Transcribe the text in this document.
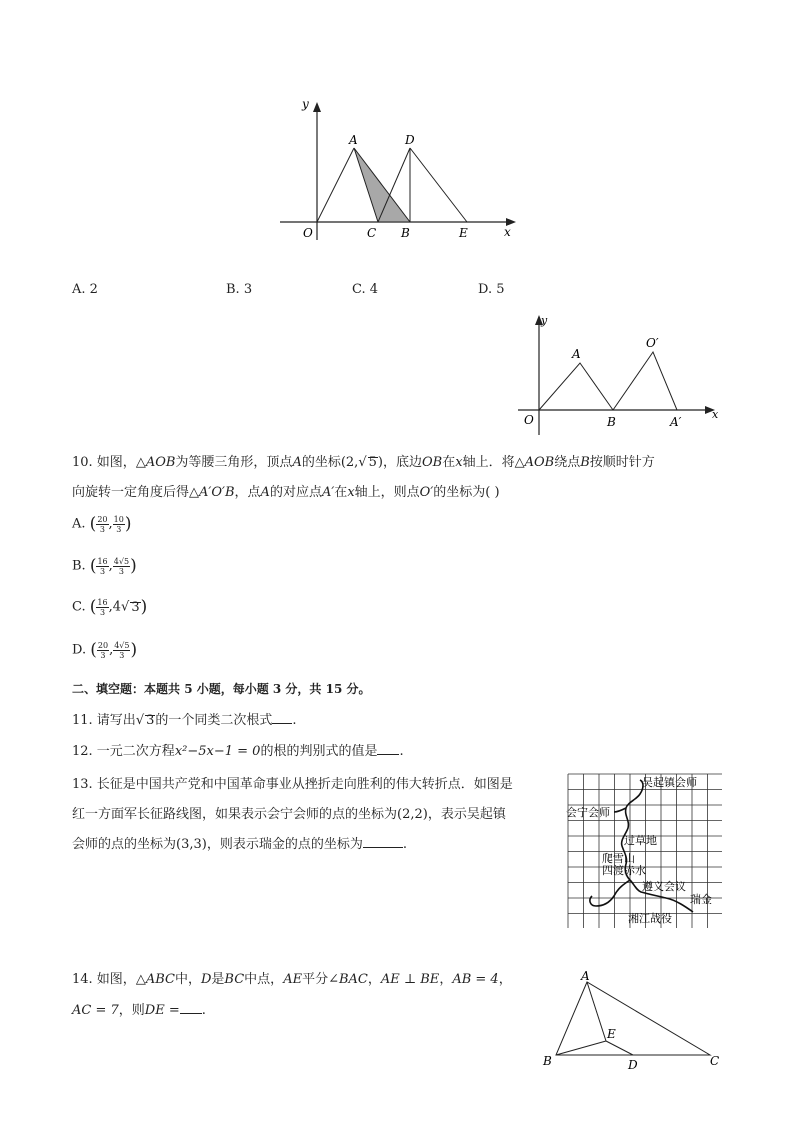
y
x
O
A	D
C B	E
A. 2	B. 3	C. 4	D. 5
y
x
O
A
O′
B	A′
10. 如图，△AOB为等腰三角形，顶点A的坐标(2,√ 5)，底边OB在x轴上．将△AOB绕点B按顺时针方
向旋转一定角度后得△A′O′B，点A的对应点A′在x轴上，则点O′的坐标为( )
A. ( $\frac{20}{3}$ , $\frac{10}{3}$ )
B. ( $\frac{16}{3}$ , $\frac{4√5}{3}$ )
C. ( $\frac{16}{3} ,4√$ 3)
D. ( $\frac{20}{3}$ , $\frac{4√5}{3}$ )
二、填空题：本题共 5 小题，每小题 3 分，共 15 分。
11. 请写出√ 3的一个同类二次根式 .
12. 一元二次方程x²−5x−1 = 0的根的判别式的值是 .
13. 长征是中国共产党和中国革命事业从挫折走向胜利的伟大转折点．如图是
红一方面军长征路线图，如果表示会宁会师的点的坐标为(2,2)，表示吴起镇
会师的点的坐标为(3,3)，则表示瑞金的点的坐标为	.
吴起镇会师
会宁会师
过草地
爬雪山
四渡赤水
遵义会议
瑞金
湘江战役
14. 如图，△ABC中，D是BC中点，AE平分∠BAC，AE ⊥ BE，AB = 4，
AC = 7，则DE = .
A
E
B	D	C
